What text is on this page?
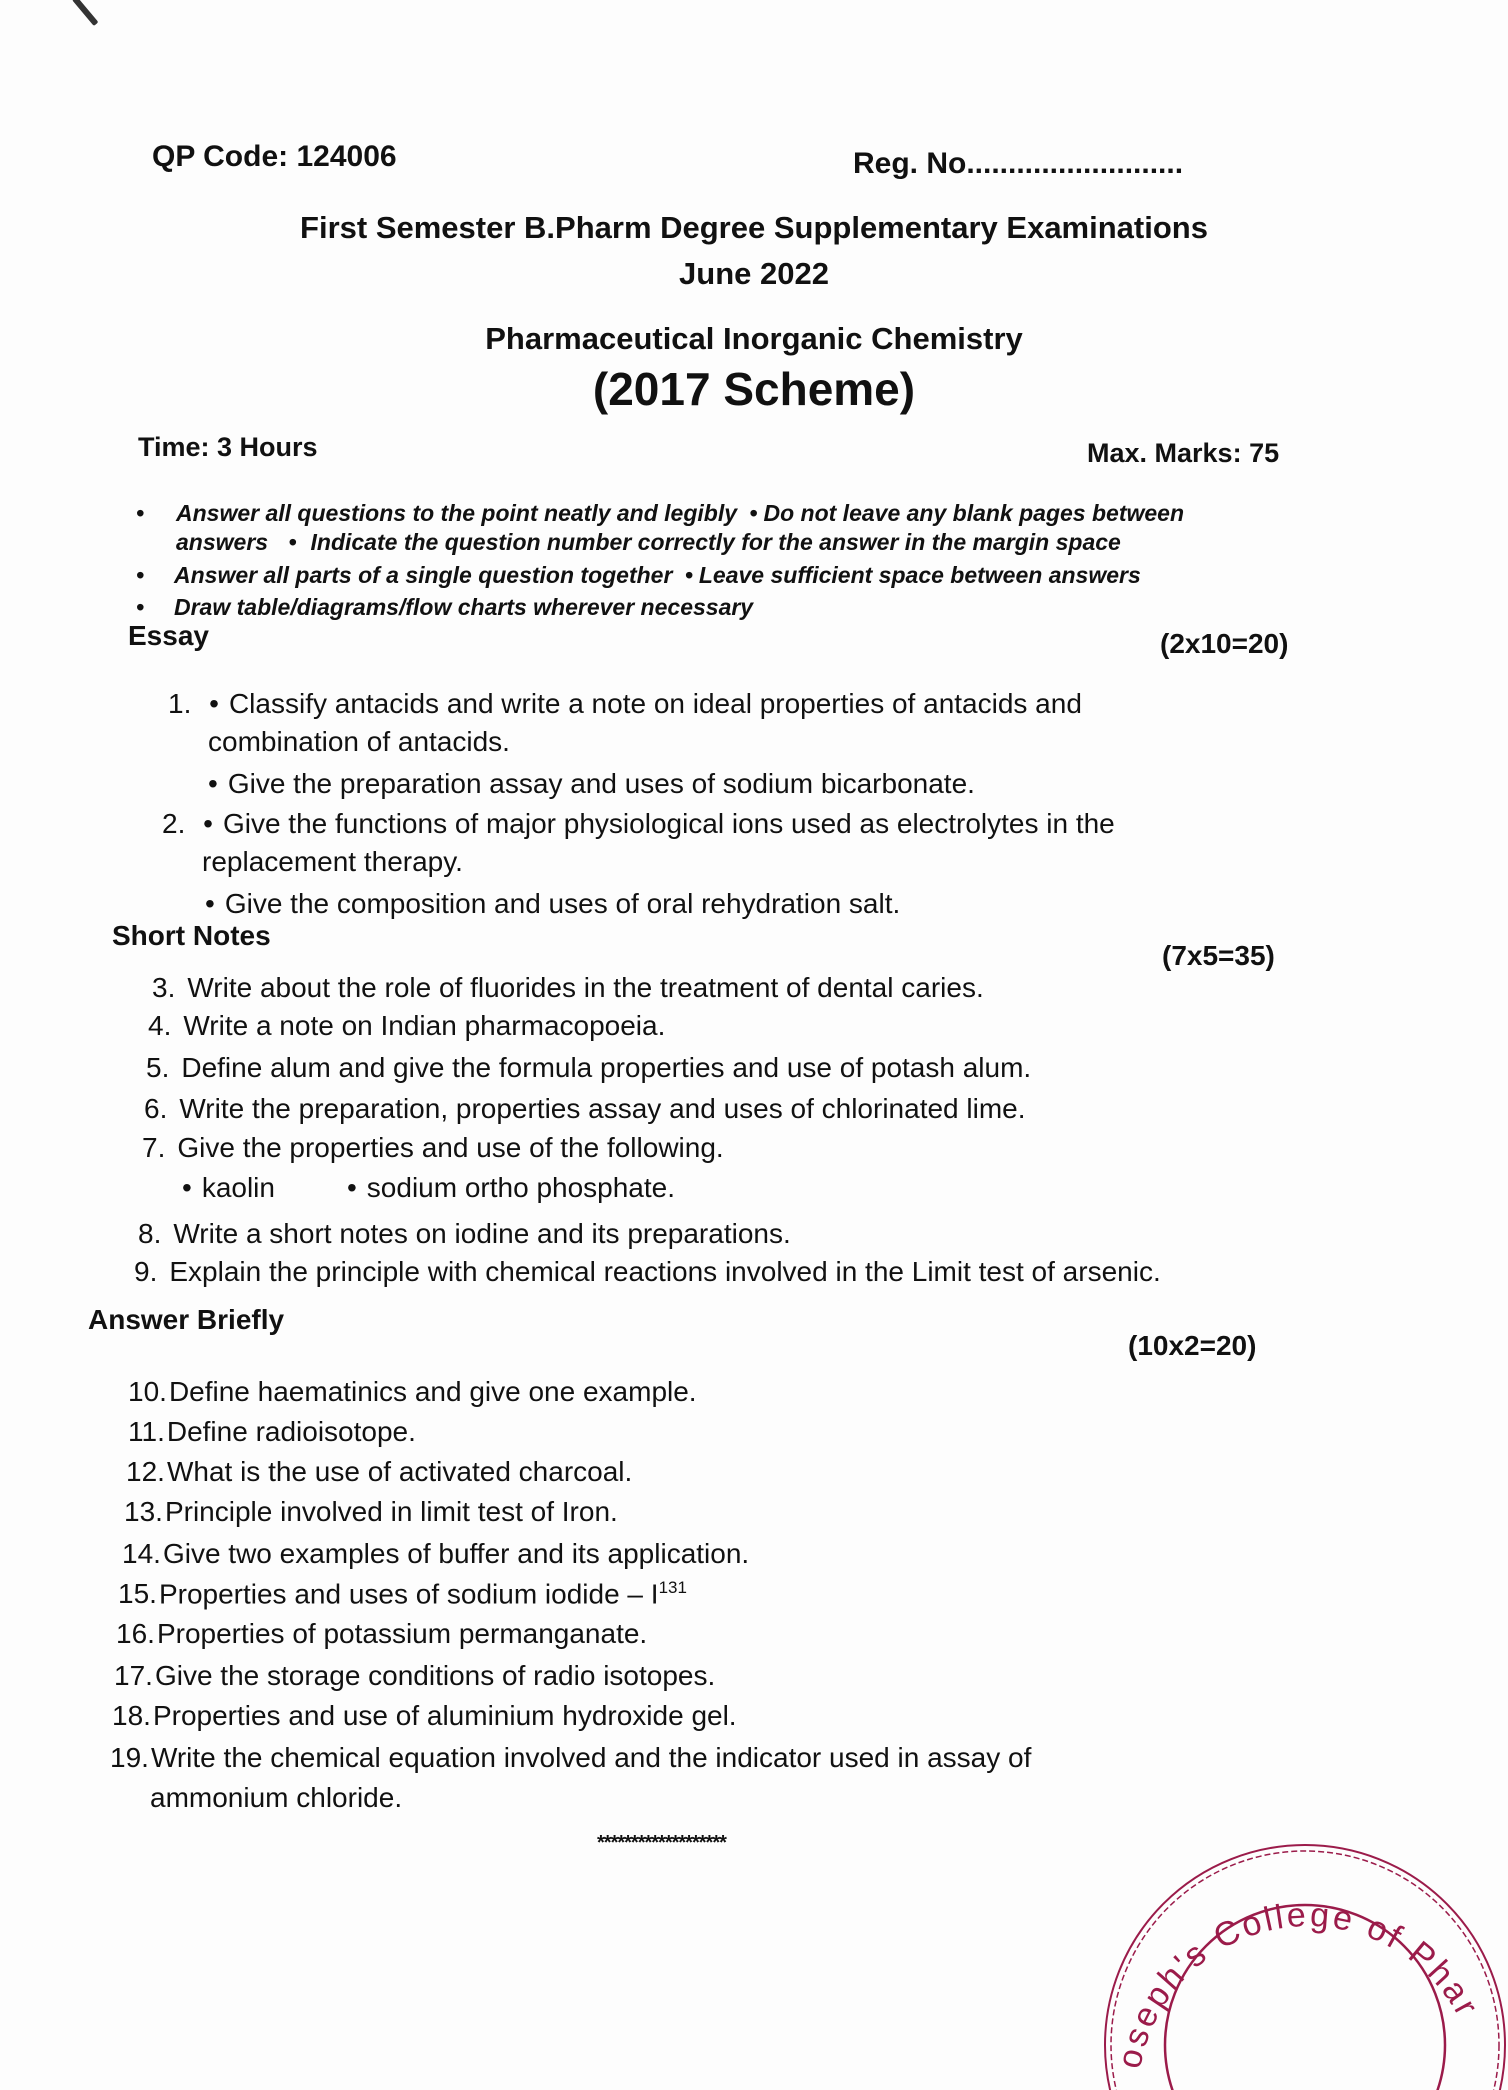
QP Code: 124006	Reg. No..........................
First Semester B.Pharm Degree Supplementary Examinations
June 2022
Pharmaceutical Inorganic Chemistry
(2017 Scheme)
Time: 3 Hours	Max. Marks: 75
• Answer all questions to the point neatly and legibly • Do not leave any blank pages between
answers • Indicate the question number correctly for the answer in the margin space
• Answer all parts of a single question together • Leave sufficient space between answers
• Draw table/diagrams/flow charts wherever necessary
Essay	(2x10=20)
1. • Classify antacids and write a note on ideal properties of antacids and
combination of antacids.
• Give the preparation assay and uses of sodium bicarbonate.
2. • Give the functions of major physiological ions used as electrolytes in the
replacement therapy.
• Give the composition and uses of oral rehydration salt.
Short Notes
(7x5=35)
3. Write about the role of fluorides in the treatment of dental caries.
4. Write a note on Indian pharmacopoeia.
5. Define alum and give the formula properties and use of potash alum.
6. Write the preparation, properties assay and uses of chlorinated lime.
7. Give the properties and use of the following.
• kaolin	• sodium ortho phosphate.
8. Write a short notes on iodine and its preparations.
9. Explain the principle with chemical reactions involved in the Limit test of arsenic.
Answer Briefly
(10x2=20)
10.Define haematinics and give one example.
11.Define radioisotope.
12.What is the use of activated charcoal.
13.Principle involved in limit test of Iron.
14.Give two examples of buffer and its application.
15.Properties and uses of sodium iodide – $I^{131}$
16.Properties of potassium permanganate.
17.Give the storage conditions of radio isotopes.
18.Properties and use of aluminium hydroxide gel.
19.Write the chemical equation involved and the indicator used in assay of
ammonium chloride.
*******************
oseph's College of Phar
